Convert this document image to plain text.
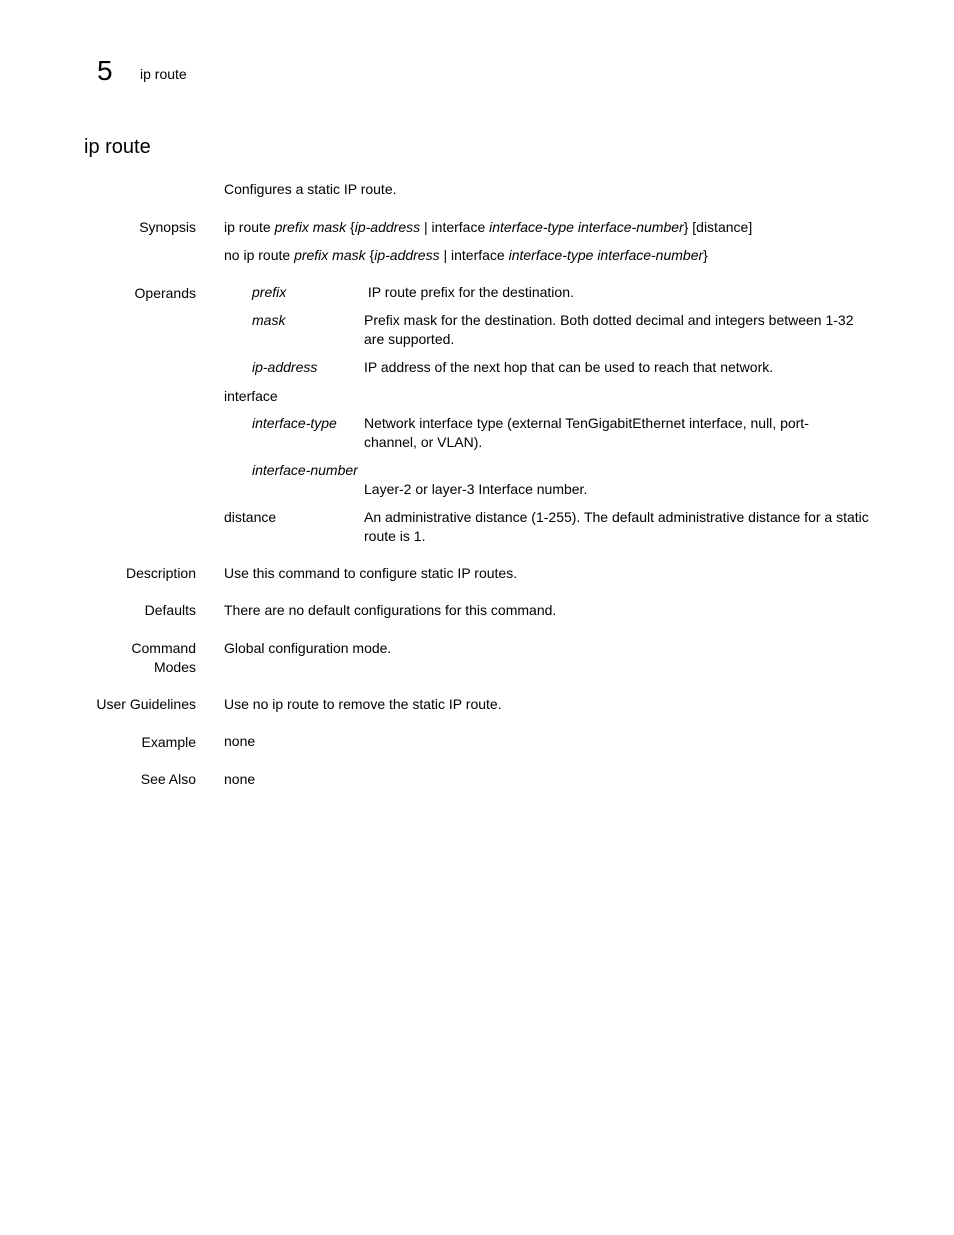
5 ip route
ip route
Configures a static IP route.
Synopsis ip route prefix mask {ip-address | interface interface-type interface-number} [distance]
no ip route prefix mask {ip-address | interface interface-type interface-number}
Operands	prefix	IP route prefix for the destination.
mask	Prefix mask for the destination. Both dotted decimal and integers between 1-32 are supported.
ip-address	IP address of the next hop that can be used to reach that network.
interface
interface-type Network interface type (external TenGigabitEthernet interface, null, port-channel, or VLAN).
interface-number
Layer-2 or layer-3 Interface number.
distance	An administrative distance (1-255). The default administrative distance for a static route is 1.
Description Use this command to configure static IP routes.
Defaults There are no default configurations for this command.
Command
Modes
Global configuration mode.
User Guidelines Use no ip route to remove the static IP route.
Example none
See Also none
